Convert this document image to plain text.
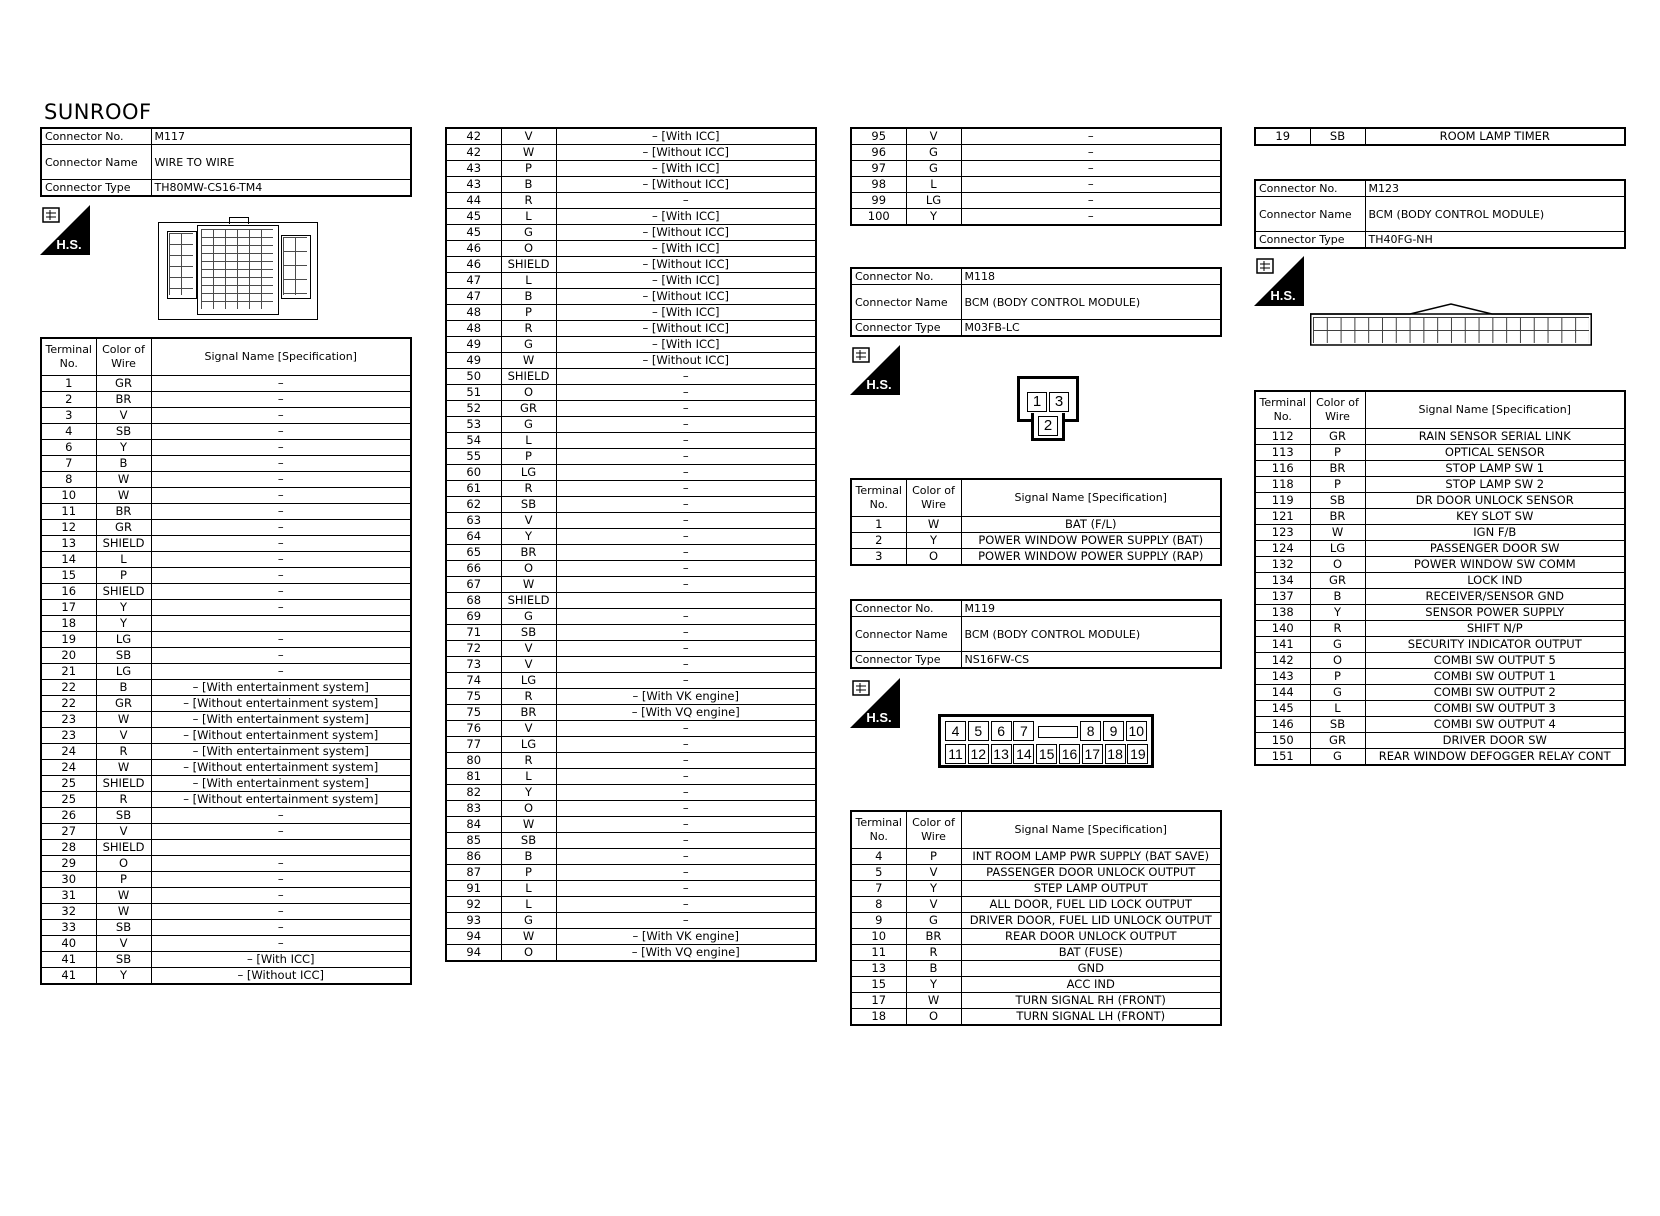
SUNROOF
Connector No.	M117
Connector Name	WIRE TO WIRE
Connector Type	TH80MW-CS16-TM4
H.S.
Terminal No.	Color of Wire	Signal Name [Specification]
1	GR	–
2	BR	–
3	V	–
4	SB	–
6	Y	–
7	B	–
8	W	–
10	W	–
11	BR	–
12	GR	–
13	SHIELD	–
14	L	–
15	P	–
16	SHIELD	–
17	Y	–
18	Y	
19	LG	–
20	SB	–
21	LG	–
22	B	– [With entertainment system]
22	GR	– [Without entertainment system]
23	W	– [With entertainment system]
23	V	– [Without entertainment system]
24	R	– [With entertainment system]
24	W	– [Without entertainment system]
25	SHIELD	– [With entertainment system]
25	R	– [Without entertainment system]
26	SB	–
27	V	–
28	SHIELD	
29	O	–
30	P	–
31	W	–
32	W	–
33	SB	–
40	V	–
41	SB	– [With ICC]
41	Y	– [Without ICC]
42	V	– [With ICC]
42	W	– [Without ICC]
43	P	– [With ICC]
43	B	– [Without ICC]
44	R	–
45	L	– [With ICC]
45	G	– [Without ICC]
46	O	– [With ICC]
46	SHIELD	– [Without ICC]
47	L	– [With ICC]
47	B	– [Without ICC]
48	P	– [With ICC]
48	R	– [Without ICC]
49	G	– [With ICC]
49	W	– [Without ICC]
50	SHIELD	–
51	O	–
52	GR	–
53	G	–
54	L	–
55	P	–
60	LG	–
61	R	–
62	SB	–
63	V	–
64	Y	–
65	BR	–
66	O	–
67	W	–
68	SHIELD	
69	G	–
71	SB	–
72	V	–
73	V	–
74	LG	–
75	R	– [With VK engine]
75	BR	– [With VQ engine]
76	V	–
77	LG	–
80	R	–
81	L	–
82	Y	–
83	O	–
84	W	–
85	SB	–
86	B	–
87	P	–
91	L	–
92	L	–
93	G	–
94	W	– [With VK engine]
94	O	– [With VQ engine]
95	V	–
96	G	–
97	G	–
98	L	–
99	LG	–
100	Y	–
Connector No.	M118
Connector Name	BCM (BODY CONTROL MODULE)
Connector Type	M03FB-LC
H.S.
1 3
2
Terminal No.	Color of Wire	Signal Name [Specification]
1	W	BAT (F/L)
2	Y	POWER WINDOW POWER SUPPLY (BAT)
3	O	POWER WINDOW POWER SUPPLY (RAP)
Connector No.	M119
Connector Name	BCM (BODY CONTROL MODULE)
Connector Type	NS16FW-CS
H.S.
4	5	6	7	8	9 10
11 12 13 14 15 16 17 18 19
Terminal No.	Color of Wire	Signal Name [Specification]
4	P	INT ROOM LAMP PWR SUPPLY (BAT SAVE)
5	V	PASSENGER DOOR UNLOCK OUTPUT
7	Y	STEP LAMP OUTPUT
8	V	ALL DOOR, FUEL LID LOCK OUTPUT
9	G	DRIVER DOOR, FUEL LID UNLOCK OUTPUT
10	BR	REAR DOOR UNLOCK OUTPUT
11	R	BAT (FUSE)
13	B	GND
15	Y	ACC IND
17	W	TURN SIGNAL RH (FRONT)
18	O	TURN SIGNAL LH (FRONT)
19	SB	ROOM LAMP TIMER
Connector No.	M123
Connector Name	BCM (BODY CONTROL MODULE)
Connector Type	TH40FG-NH
H.S.
Terminal No.	Color of Wire	Signal Name [Specification]
112	GR	RAIN SENSOR SERIAL LINK
113	P	OPTICAL SENSOR
116	BR	STOP LAMP SW 1
118	P	STOP LAMP SW 2
119	SB	DR DOOR UNLOCK SENSOR
121	BR	KEY SLOT SW
123	W	IGN F/B
124	LG	PASSENGER DOOR SW
132	O	POWER WINDOW SW COMM
134	GR	LOCK IND
137	B	RECEIVER/SENSOR GND
138	Y	SENSOR POWER SUPPLY
140	R	SHIFT N/P
141	G	SECURITY INDICATOR OUTPUT
142	O	COMBI SW OUTPUT 5
143	P	COMBI SW OUTPUT 1
144	G	COMBI SW OUTPUT 2
145	L	COMBI SW OUTPUT 3
146	SB	COMBI SW OUTPUT 4
150	GR	DRIVER DOOR SW
151	G	REAR WINDOW DEFOGGER RELAY CONT
